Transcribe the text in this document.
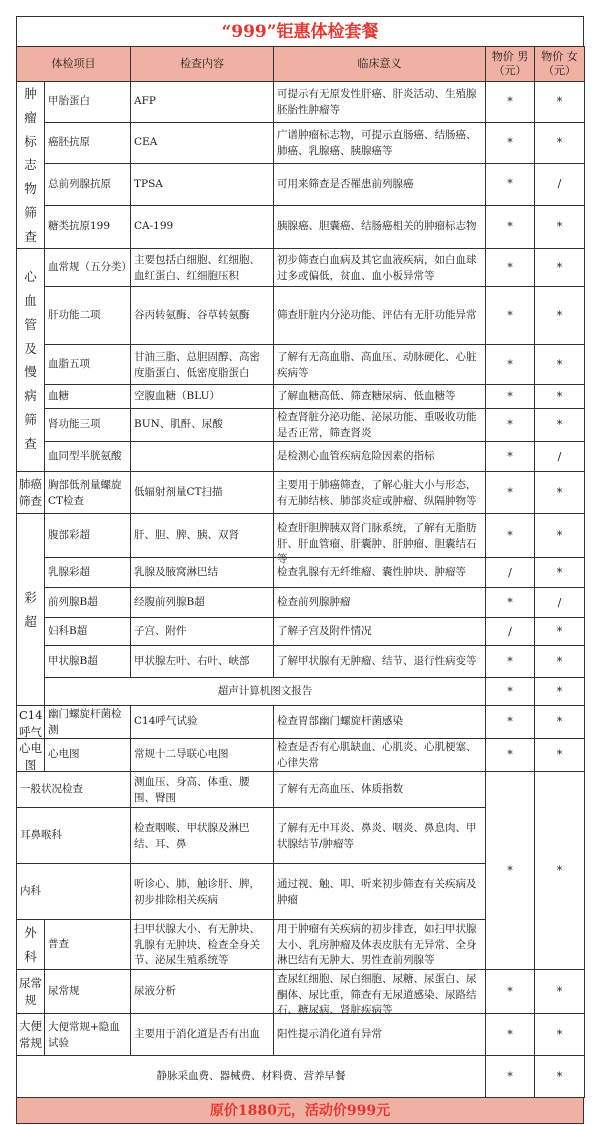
“999”钜惠体检套餐
体检项目		检查内容	临床意义	物价 男（元）	物价 女（元）
肿瘤标志物筛查	甲胎蛋白	AFP	可提示有无原发性肝癌、肝炎活动、生殖腺胚胎性肿瘤等	*	*
	癌胚抗原	CEA	广谱肿瘤标志物，可提示直肠癌、结肠癌、肺癌、乳腺癌、胰腺癌等	*	*
	总前列腺抗原	TPSA	可用来筛查是否罹患前列腺癌	*	/
	糖类抗原199	CA-199	胰腺癌、胆囊癌、结肠癌相关的肿瘤标志物	*	*
心血管及慢病筛查	血常规（五分类）	主要包括白细胞、红细胞、血红蛋白、红细胞压积	初步筛查白血病及其它血液疾病，如白血球过多或偏低，贫血、血小板异常等	*	*
	肝功能二项	谷丙转氨酶、谷草转氨酶	筛查肝脏内分泌功能、评估有无肝功能异常	*	*
	血脂五项	甘油三脂、总胆固醇、高密度脂蛋白、低密度脂蛋白	了解有无高血脂、高血压、动脉硬化、心脏疾病等	*	*
	血糖	空腹血糖（BLU）	了解血糖高低、筛查糖尿病、低血糖等	*	*
	肾功能三项	BUN、肌酐、尿酸	检查肾脏分泌功能、泌尿功能、重吸收功能是否正常，筛查肾炎	*	*

	血同型半胱氨酸		是检测心血管疾病危险因素的指标	*	/
肺癌筛查	胸部低剂量螺旋CT检查	低辐射剂量CT扫描	主要用于肺癌筛查，了解心脏大小与形态，有无肺结核、肺部炎症或肿瘤、纵隔肿物等	*	*
彩超	腹部彩超	肝、胆、脾、胰、双肾	检查肝胆脾胰双肾门脉系统，了解有无脂肪肝、肝血管瘤、肝囊肿、肝肿瘤、胆囊结石等	*	*
	乳腺彩超	乳腺及腋窝淋巴结	检查乳腺有无纤维瘤、囊性肿块、肿瘤等	/	*
	前列腺B超	经腹前列腺B超	检查前列腺肿瘤	*	/
	妇科B超	子宫、附件	了解子宫及附件情况	/	*
	甲状腺B超	甲状腺左叶、右叶、峡部	了解甲状腺有无肿瘤、结节、退行性病变等	*	*
	超声计算机图文报告			*	*

C14呼气	幽门螺旋杆菌检测	C14呼气试验	检查胃部幽门螺旋杆菌感染	*	*

心电图	心电图	常规十二导联心电图	检查是否有心肌缺血、心肌炎、心肌梗塞、心律失常	*	*
一般状况检查		测血压、身高、体重、腰围、臀围	了解有无高血压、体质指数	*	*
耳鼻喉科		检查咽喉、甲状腺及淋巴结、耳、鼻	了解有无中耳炎、鼻炎、咽炎、鼻息肉、甲状腺结节/肿瘤等		

内科		听诊心、肺，触诊肝、脾，初步排除相关疾病	通过视、触、叩、听来初步筛查有关疾病及肿瘤		

外科	普查	扫甲状腺大小、有无肿块、乳腺有无肿块、检查全身关节、泌尿生殖系统等	用于肿瘤有关疾病的初步排查，如扫甲状腺大小、乳房肿瘤及体表皮肤有无异常、全身淋巴结有无肿大、男性查前列腺等		

尿常规	尿常规	尿液分析	查尿红细胞、尿白细胞、尿糖、尿蛋白、尿酮体、尿比重，筛查有无尿道感染、尿路结石、糖尿病、肾脏疾病等	*	*
大便常规	大便常规+隐血试验	主要用于消化道是否有出血	阳性提示消化道有异常	*	*
静脉采血费、器械费、材料费、营养早餐				*	*
原价1880元，活动价999元
